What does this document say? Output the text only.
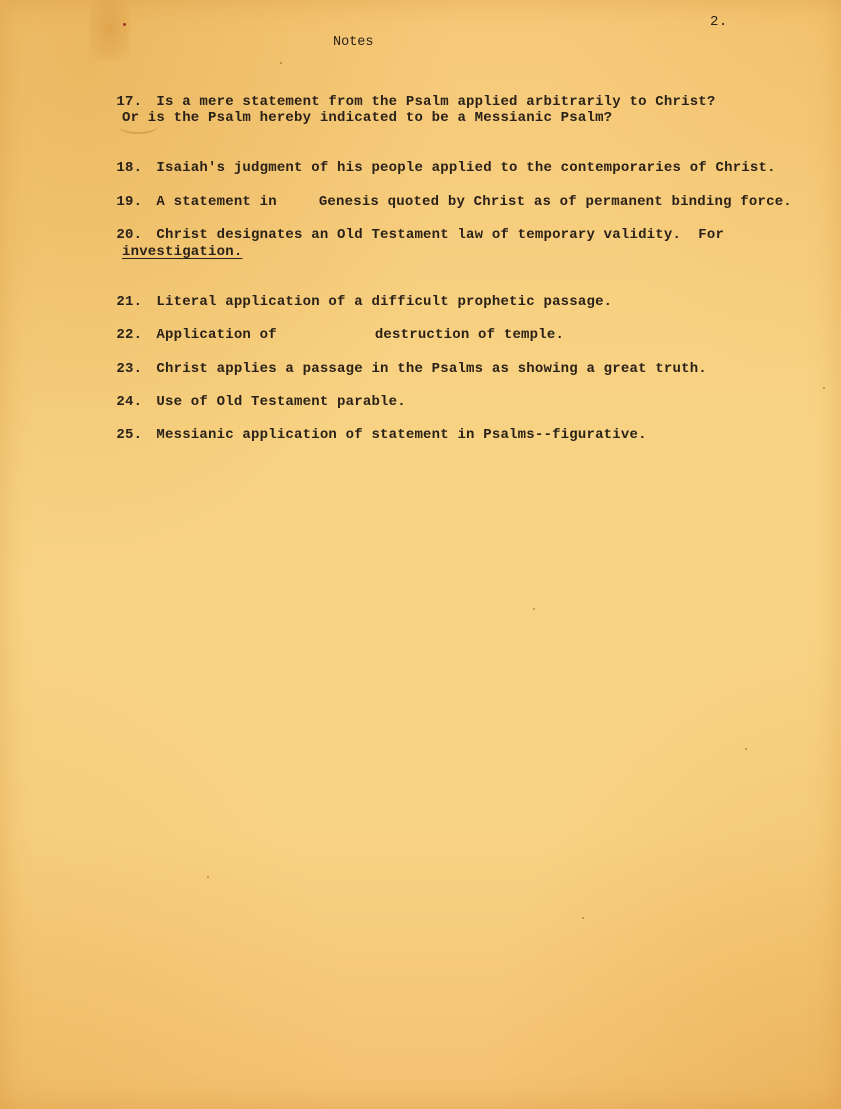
2.
Notes

17. Is a mere statement from the Psalm applied arbitrarily to Christ?

Or is the Psalm hereby indicated to be a Messianic Psalm?

18. Isaiah's judgment of his people applied to the contemporaries of Christ.

19. A statement in	Genesis quoted by Christ as of permanent binding force.

20. Christ designates an Old Testament law of temporary validity.  For

investigation.

21. Literal application of a difficult prophetic passage.

22. Application of	destruction of temple.

23. Christ applies a passage in the Psalms as showing a great truth.

24. Use of Old Testament parable.

25. Messianic application of statement in Psalms--figurative.
